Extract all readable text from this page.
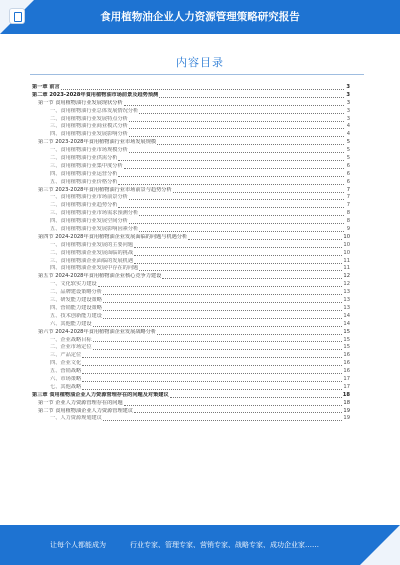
食用植物油企业人力资源管理策略研究报告
内容目录
第一章 前言	3
第二章 2023-2028年食用植物油市场前景及趋势预测	3
第一节 食用植物油行业发展现状分析	3
一、食用植物油行业总体发展情况分析	3
二、食用植物油行业发展特点分析	3
三、食用植物油行业商业模式分析	4
四、食用植物油行业发展影响分析	4
第二节 2023-2028年食用植物油行业市场发展规模	5
一、食用植物油行业市场规模分析	5
二、食用植物油行业供需分析	5
三、食用植物油行业集中度分析	6
四、食用植物油行业运营分析	6
五、食用植物油行业价格分析	6
第三节 2023-2028年食用植物油行业市场前景与趋势分析	7
一、食用植物油行业市场前景分析	7
二、食用植物油行业趋势分析	7
三、食用植物油行业市场需求预测分析	8
四、食用植物油行业发展空间分析	8
五、食用植物油行业发展影响因素分析	9
第四节 2024-2028年食用植物油企业发展面临的问题与机遇分析	10
一、食用植物油行业发展的主要问题	10
二、食用植物油企业发展面临的挑战	10
三、食用植物油企业面临的发展机遇	11
四、食用植物油企业发展中存在的问题	11
第五节 2024-2028年食用植物油企业核心竞争力建设	12
一、文化软实力建设	12
二、品牌建设策略分析	13
三、研发能力建设策略	13
四、营销能力建设策略	13
五、技术创新能力建设	14
六、其他能力建设	14
第六节 2024-2028年食用植物油企业发展战略分析	15
一、企业战略目标	15
二、企业市场定位	15
三、产品定位	16
四、企业文化	16
五、营销战略	16
六、市场策略	17
七、其他战略	17
第三章 食用植物油企业人力资源管理存在的问题及对策建议	18
第一节 企业人力资源管理存在的问题	18
第二节 食用植物油企业人力资源管理建议	19
一、人力资源规划建议	19
让每个人都能成为	行业专家、管理专家、营销专家、战略专家、成功企业家……
